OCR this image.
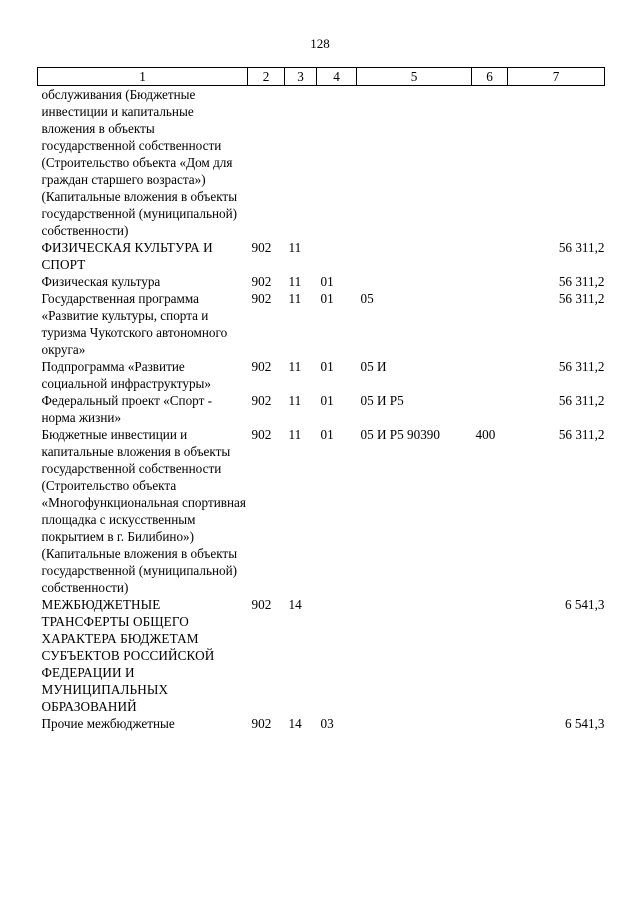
128
1	2	3	4	5	6	7
обслуживания (Бюджетные инвестиции и капитальные вложения в объекты государственной собственности (Строительство объекта «Дом для граждан старшего возраста») (Капитальные вложения в объекты государственной (муниципальной) собственности)						
ФИЗИЧЕСКАЯ КУЛЬТУРА И СПОРТ	902	11				56 311,2
Физическая культура	902	11	01			56 311,2
Государственная программа «Развитие культуры, спорта и туризма Чукотского автономного округа»	902	11	01	05		56 311,2
Подпрограмма «Развитие социальной инфраструктуры»	902	11	01	05 И		56 311,2
Федеральный проект «Спорт - норма жизни»	902	11	01	05 И P5		56 311,2
Бюджетные инвестиции и капитальные вложения в объекты государственной собственности (Строительство объекта «Многофункциональная спортивная площадка с искусственным покрытием в г. Билибино») (Капитальные вложения в объекты государственной (муниципальной) собственности)	902	11	01	05 И P5 90390	400	56 311,2
МЕЖБЮДЖЕТНЫЕ ТРАНСФЕРТЫ ОБЩЕГО ХАРАКТЕРА БЮДЖЕТАМ СУБЪЕКТОВ РОССИЙСКОЙ ФЕДЕРАЦИИ И МУНИЦИПАЛЬНЫХ ОБРАЗОВАНИЙ	902	14				6 541,3
Прочие межбюджетные	902	14	03			6 541,3
